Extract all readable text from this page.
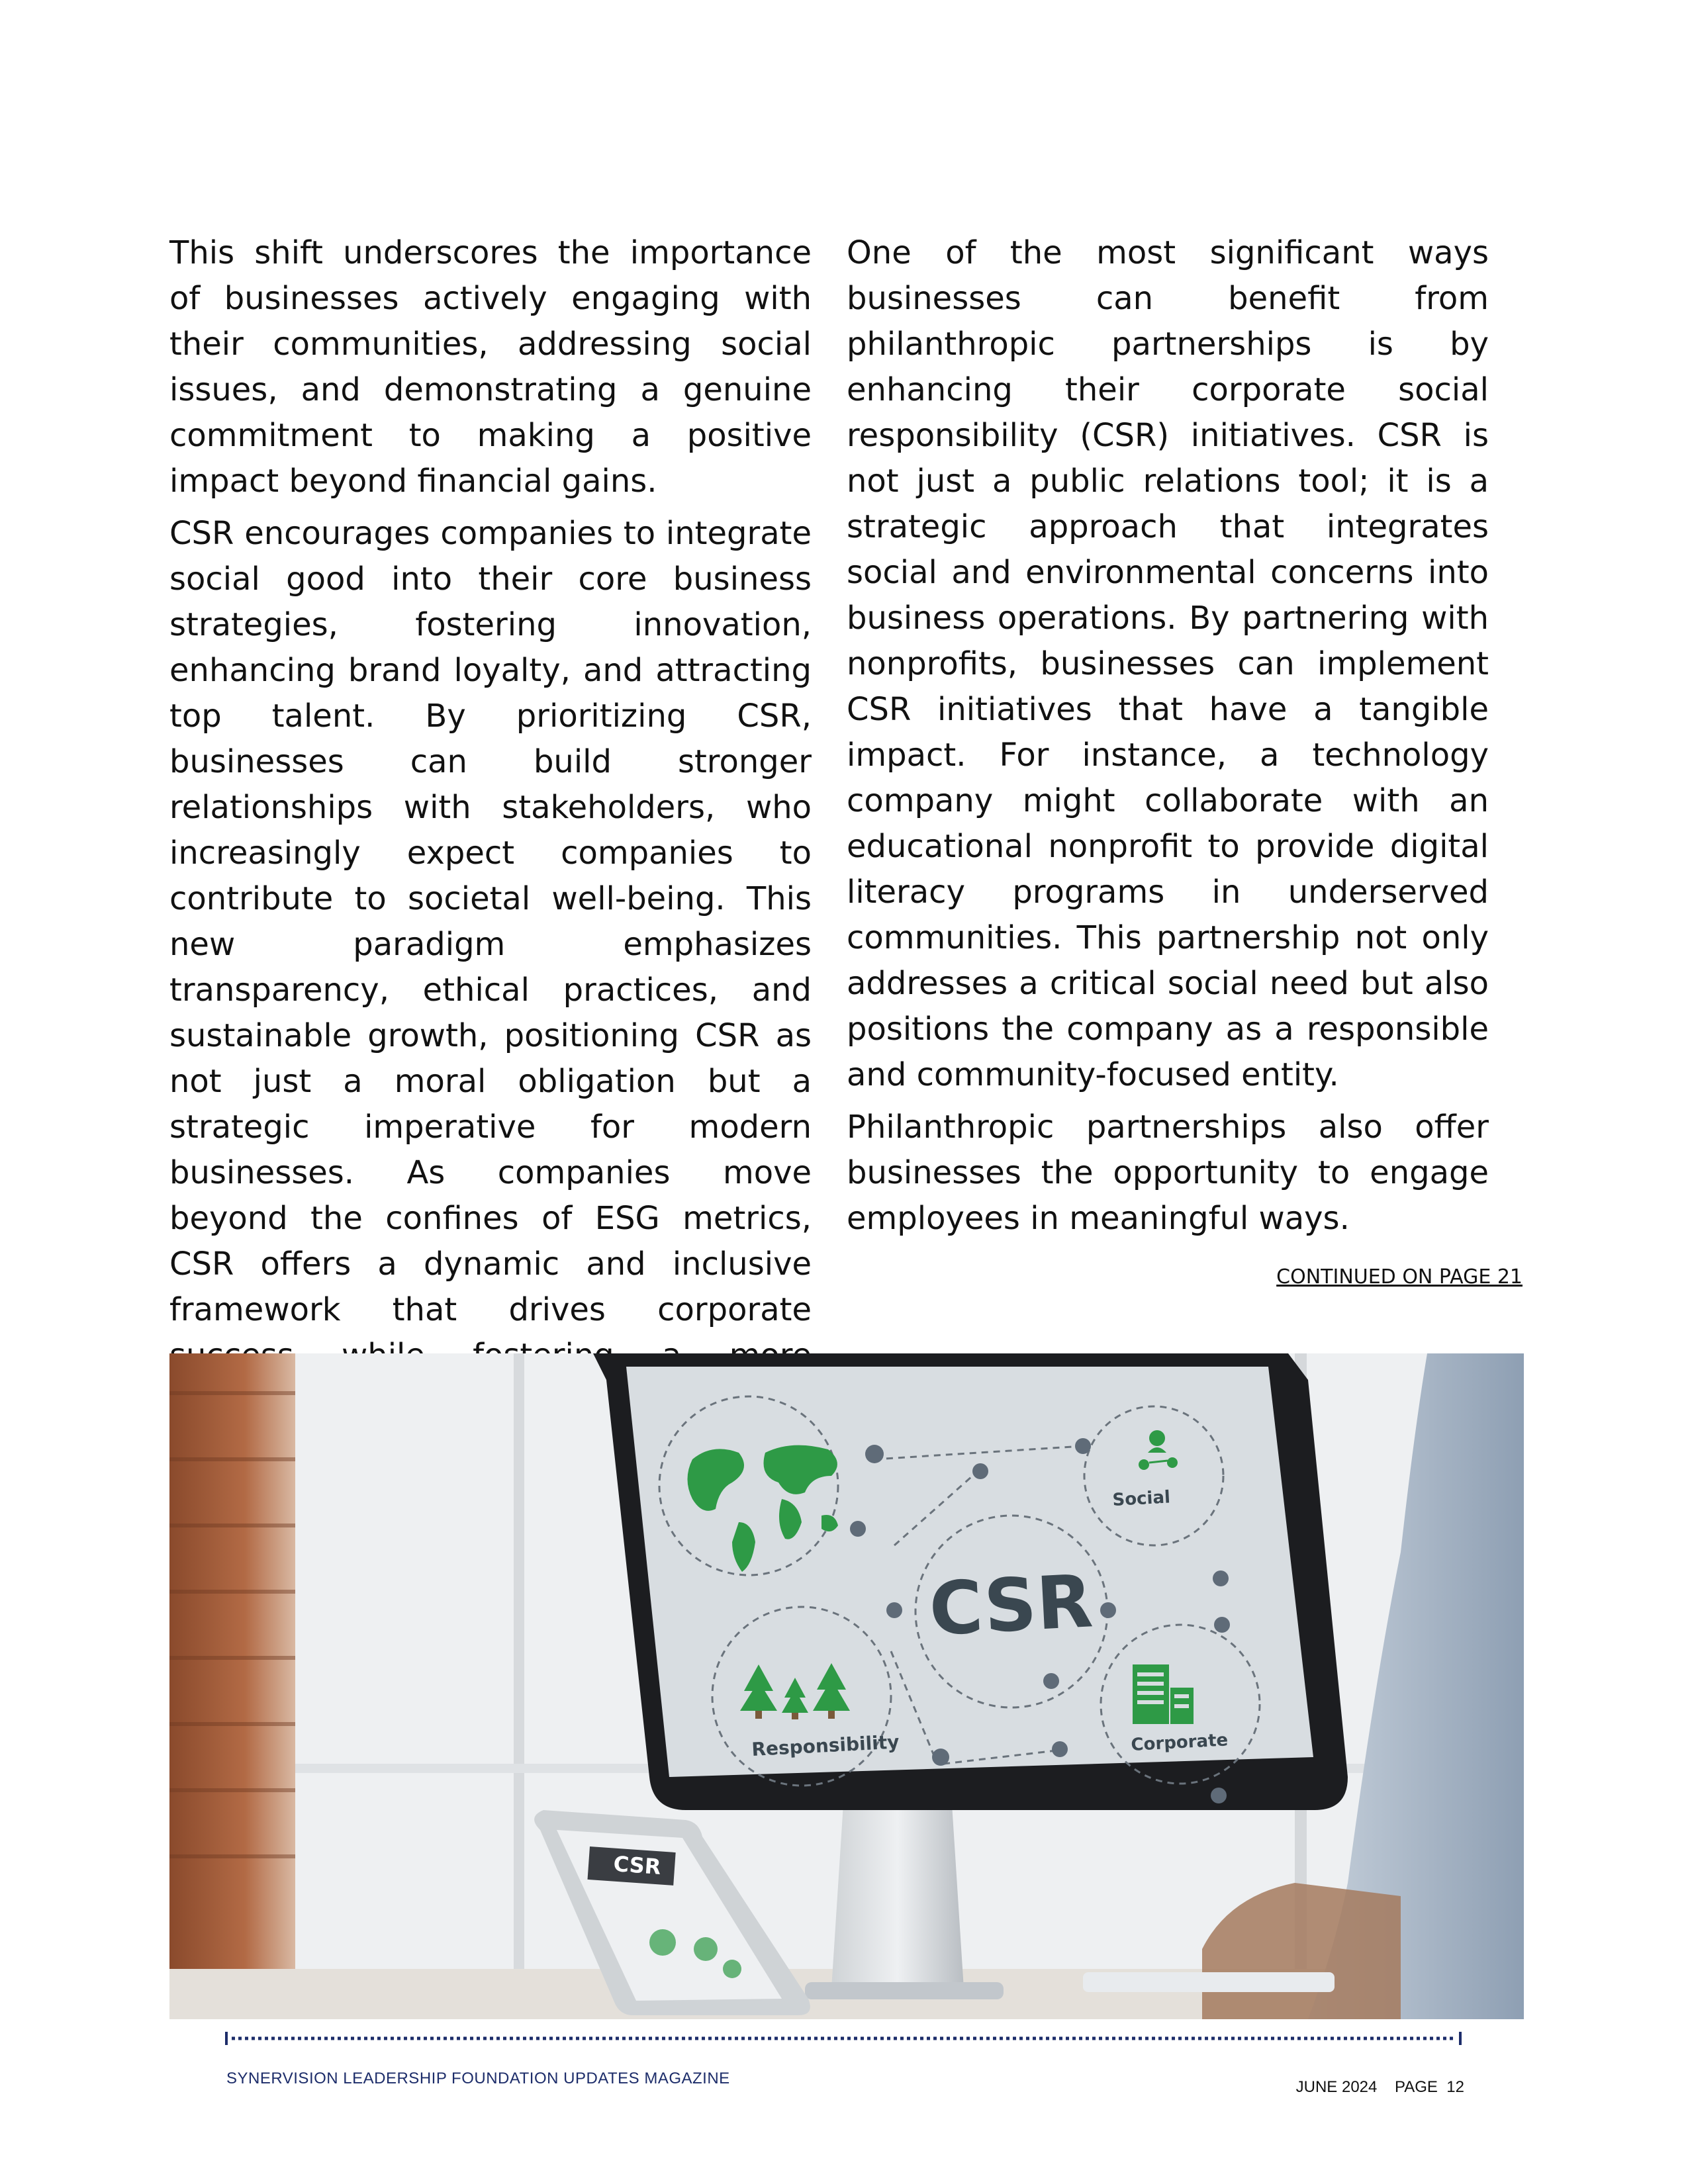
This shift underscores the importance of businesses actively engaging with their communities, addressing social issues, and demonstrating a genuine commitment to making a positive impact beyond financial gains.

CSR encourages companies to integrate social good into their core business strategies, fostering innovation, enhancing brand loyalty, and attracting top talent. By prioritizing CSR, businesses can build stronger relationships with stakeholders, who increasingly expect companies to contribute to societal well-being. This new paradigm emphasizes transparency, ethical practices, and sustainable growth, positioning CSR as not just a moral obligation but a strategic imperative for modern businesses. As companies move beyond the confines of ESG metrics, CSR offers a dynamic and inclusive framework that drives corporate

One of the most significant ways businesses can benefit from philanthropic partnerships is by enhancing their corporate social responsibility (CSR) initiatives. CSR is not just a public relations tool; it is a strategic approach that integrates social and environmental concerns into business operations. By partnering with nonprofits, businesses can implement CSR initiatives that have a tangible impact. For instance, a technology company might collaborate with an educational nonprofit to provide digital literacy programs in underserved communities. This partnership not only addresses a critical social need but also positions the company as a responsible and community-focused entity.

Philanthropic partnerships also offer businesses the opportunity to engage employees in meaningful ways.

CONTINUED ON PAGE 21
Social
CSR
Responsibility	Corporate
CSR
SYNERVISION LEADERSHIP FOUNDATION UPDATES MAGAZINE	JUNE 2024 PAGE 12
